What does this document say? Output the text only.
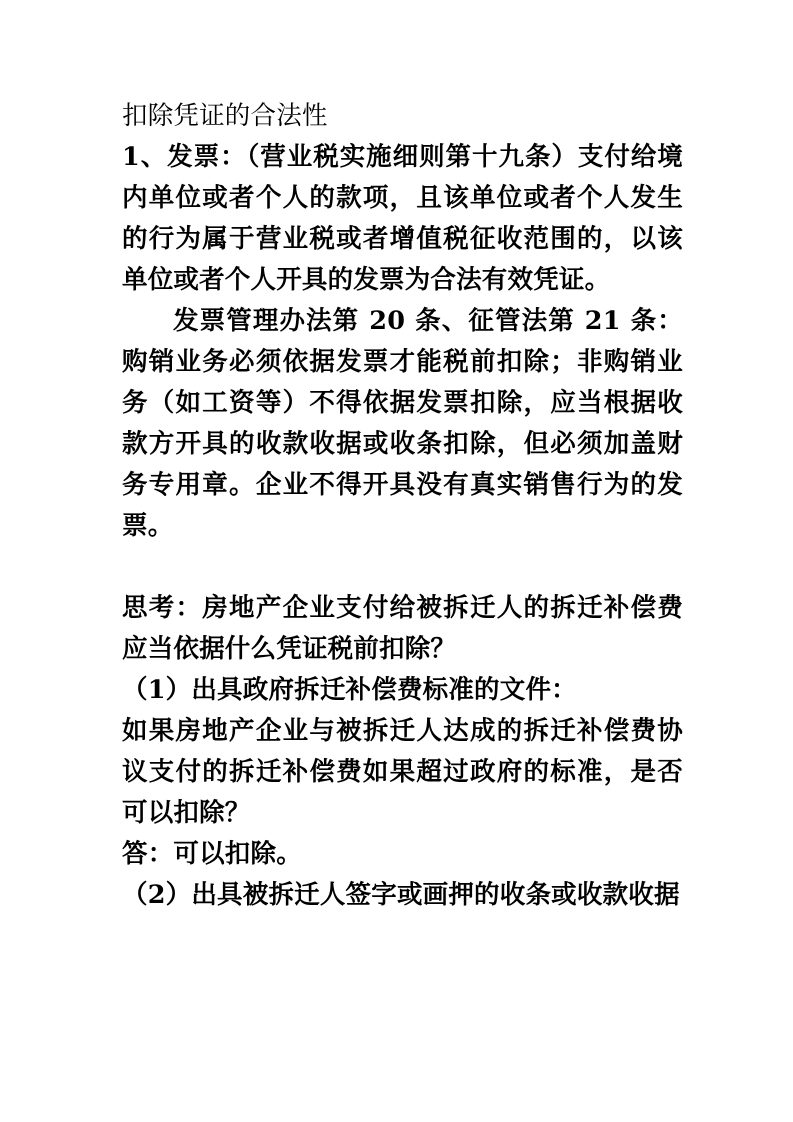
扣除凭证的合法性

1、发票：（营业税实施细则第十九条）支付给境内单位或者个人的款项，且该单位或者个人发生的行为属于营业税或者增值税征收范围的，以该单位或者个人开具的发票为合法有效凭证。

发票管理办法第 20 条、征管法第 21 条：购销业务必须依据发票才能税前扣除；非购销业务（如工资等）不得依据发票扣除，应当根据收款方开具的收款收据或收条扣除，但必须加盖财务专用章。企业不得开具没有真实销售行为的发票。

思考：房地产企业支付给被拆迁人的拆迁补偿费应当依据什么凭证税前扣除？

（1）出具政府拆迁补偿费标准的文件：

如果房地产企业与被拆迁人达成的拆迁补偿费协议支付的拆迁补偿费如果超过政府的标准，是否可以扣除？

答：可以扣除。

（2）出具被拆迁人签字或画押的收条或收款收据
